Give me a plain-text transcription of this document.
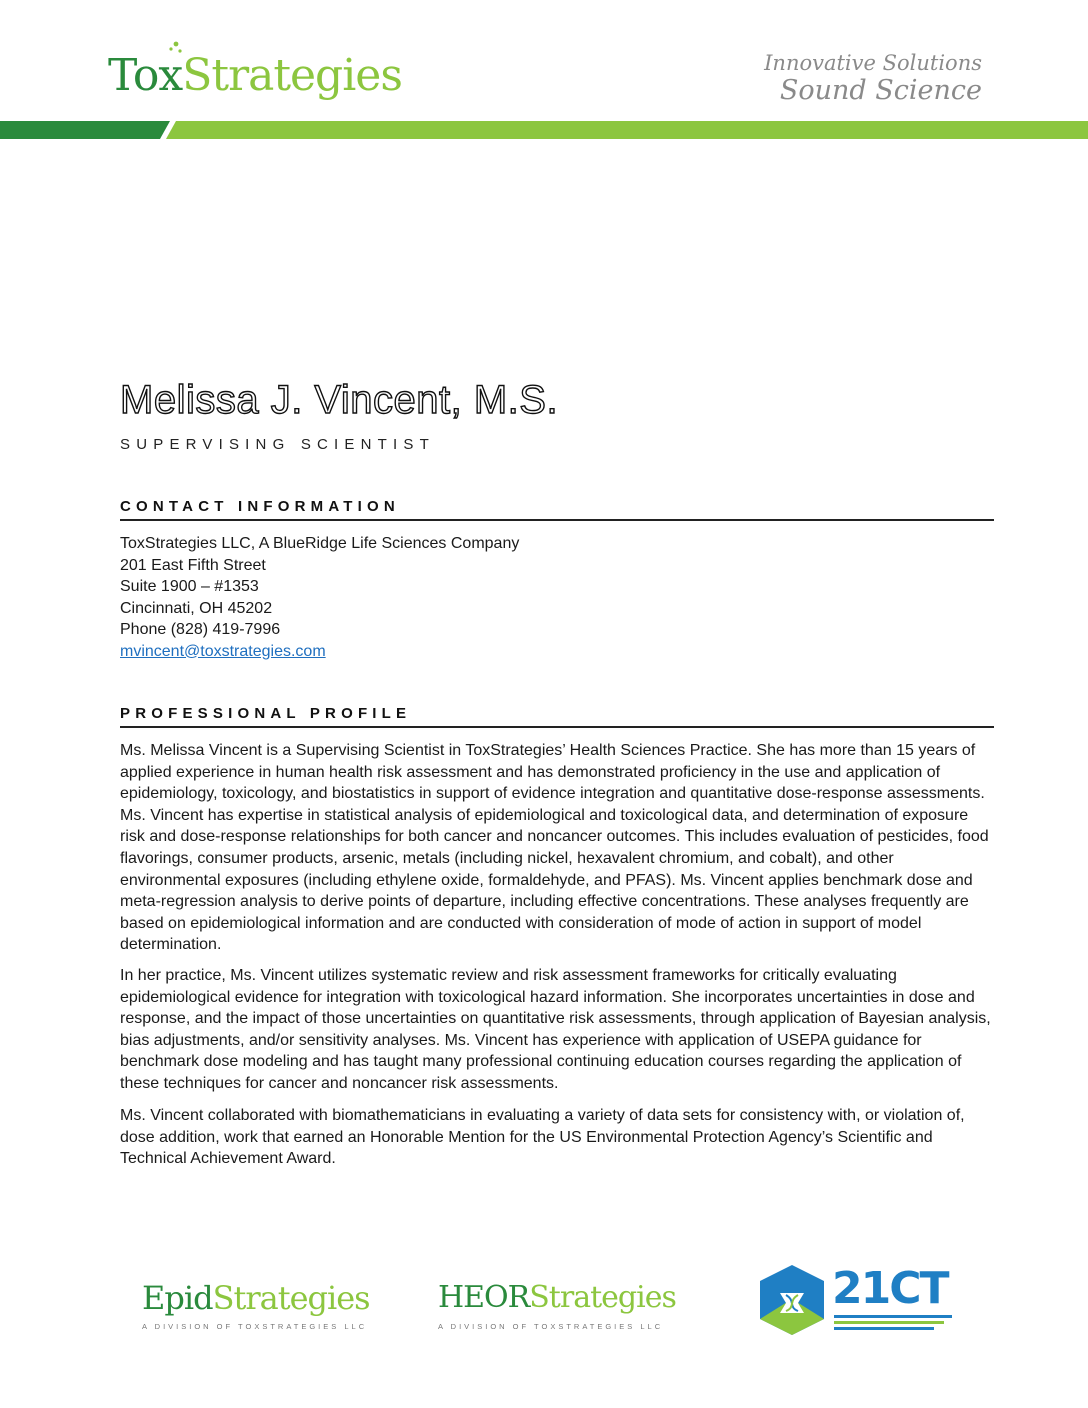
ToxStrategies	Innovative Solutions
Sound Science
Melissa J. Vincent, M.S.
SUPERVISING SCIENTIST
CONTACT INFORMATION
ToxStrategies LLC, A BlueRidge Life Sciences Company
201 East Fifth Street
Suite 1900 – #1353
Cincinnati, OH 45202
Phone (828) 419-7996
mvincent@toxstrategies.com
PROFESSIONAL PROFILE

Ms. Melissa Vincent is a Supervising Scientist in ToxStrategies’ Health Sciences Practice. She has more than 15 years of applied experience in human health risk assessment and has demonstrated proficiency in the use and application of epidemiology, toxicology, and biostatistics in support of evidence integration and quantitative dose-response assessments. Ms. Vincent has expertise in statistical analysis of epidemiological and toxicological data, and determination of exposure risk and dose-response relationships for both cancer and noncancer outcomes. This includes evaluation of pesticides, food flavorings, consumer products, arsenic, metals (including nickel, hexavalent chromium, and cobalt), and other environmental exposures (including ethylene oxide, formaldehyde, and PFAS). Ms. Vincent applies benchmark dose and meta-regression analysis to derive points of departure, including effective concentrations. These analyses frequently are based on epidemiological information and are conducted with consideration of mode of action in support of model determination.

In her practice, Ms. Vincent utilizes systematic review and risk assessment frameworks for critically evaluating epidemiological evidence for integration with toxicological hazard information. She incorporates uncertainties in dose and response, and the impact of those uncertainties on quantitative risk assessments, through application of Bayesian analysis, bias adjustments, and/or sensitivity analyses. Ms. Vincent has experience with application of USEPA guidance for benchmark dose modeling and has taught many professional continuing education courses regarding the application of these techniques for cancer and noncancer risk assessments.

Ms. Vincent collaborated with biomathematicians in evaluating a variety of data sets for consistency with, or violation of, dose addition, work that earned an Honorable Mention for the US Environmental Protection Agency’s Scientific and Technical Achievement Award.

EpidStrategies
A DIVISION OF TOXSTRATEGIES LLC
HEORStrategies
A DIVISION OF TOXSTRATEGIES LLC
21CT
